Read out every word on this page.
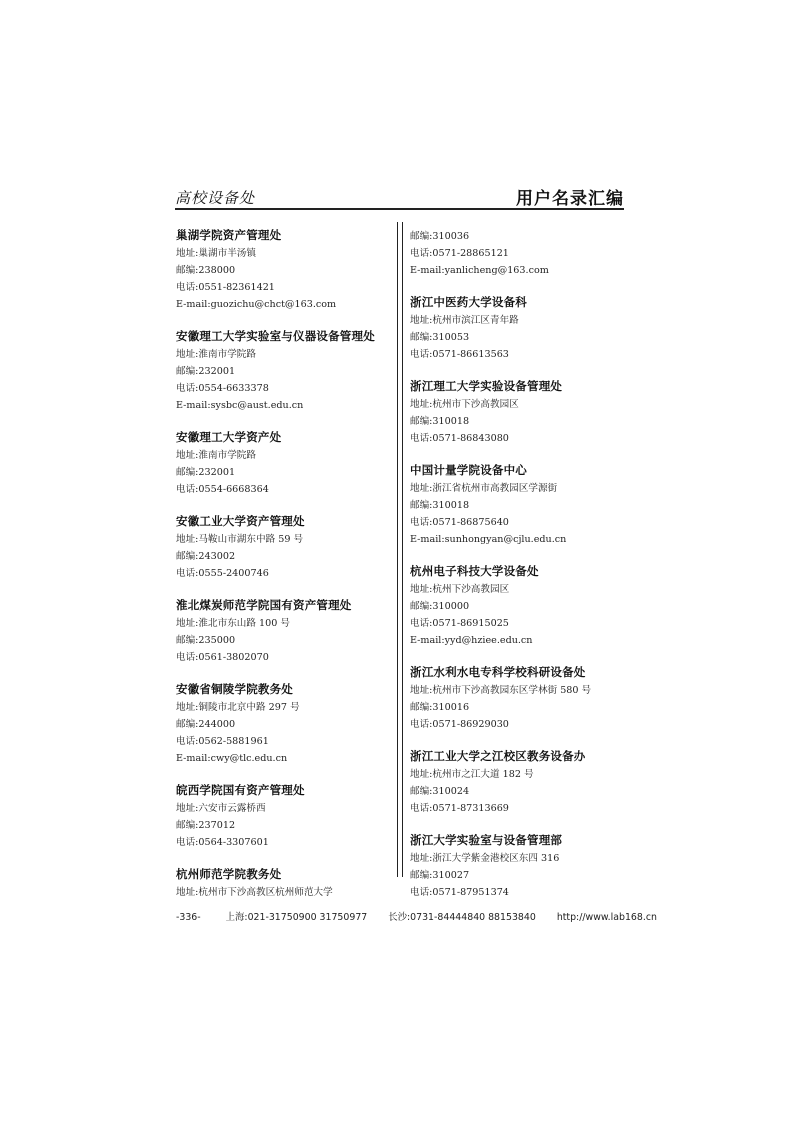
高校设备处	用户名录汇编
巢湖学院资产管理处
地址:巢湖市半汤镇
邮编:238000
电话:0551-82361421
E-mail:guozichu@chct@163.com
安徽理工大学实验室与仪器设备管理处
地址:淮南市学院路
邮编:232001
电话:0554-6633378
E-mail:sysbc@aust.edu.cn
安徽理工大学资产处
地址:淮南市学院路
邮编:232001
电话:0554-6668364
安徽工业大学资产管理处
地址:马鞍山市湖东中路 59 号
邮编:243002
电话:0555-2400746
淮北煤炭师范学院国有资产管理处
地址:淮北市东山路 100 号
邮编:235000
电话:0561-3802070
安徽省铜陵学院教务处
地址:铜陵市北京中路 297 号
邮编:244000
电话:0562-5881961
E-mail:cwy@tlc.edu.cn
皖西学院国有资产管理处
地址:六安市云露桥西
邮编:237012
电话:0564-3307601
杭州师范学院教务处
地址:杭州市下沙高教区杭州师范大学
邮编:310036
电话:0571-28865121
E-mail:yanlicheng@163.com
浙江中医药大学设备科
地址:杭州市滨江区青年路
邮编:310053
电话:0571-86613563
浙江理工大学实验设备管理处
地址:杭州市下沙高教园区
邮编:310018
电话:0571-86843080
中国计量学院设备中心
地址:浙江省杭州市高教园区学源街
邮编:310018
电话:0571-86875640
E-mail:sunhongyan@cjlu.edu.cn
杭州电子科技大学设备处
地址:杭州下沙高教园区
邮编:310000
电话:0571-86915025
E-mail:yyd@hziee.edu.cn
浙江水利水电专科学校科研设备处
地址:杭州市下沙高教园东区学林街 580 号
邮编:310016
电话:0571-86929030
浙江工业大学之江校区教务设备办
地址:杭州市之江大道 182 号
邮编:310024
电话:0571-87313669
浙江大学实验室与设备管理部
地址:浙江大学紫金港校区东四 316
邮编:310027
电话:0571-87951374
-336-	上海:021-31750900 31750977 长沙:0731-84444840 88153840 http://www.lab168.cn
